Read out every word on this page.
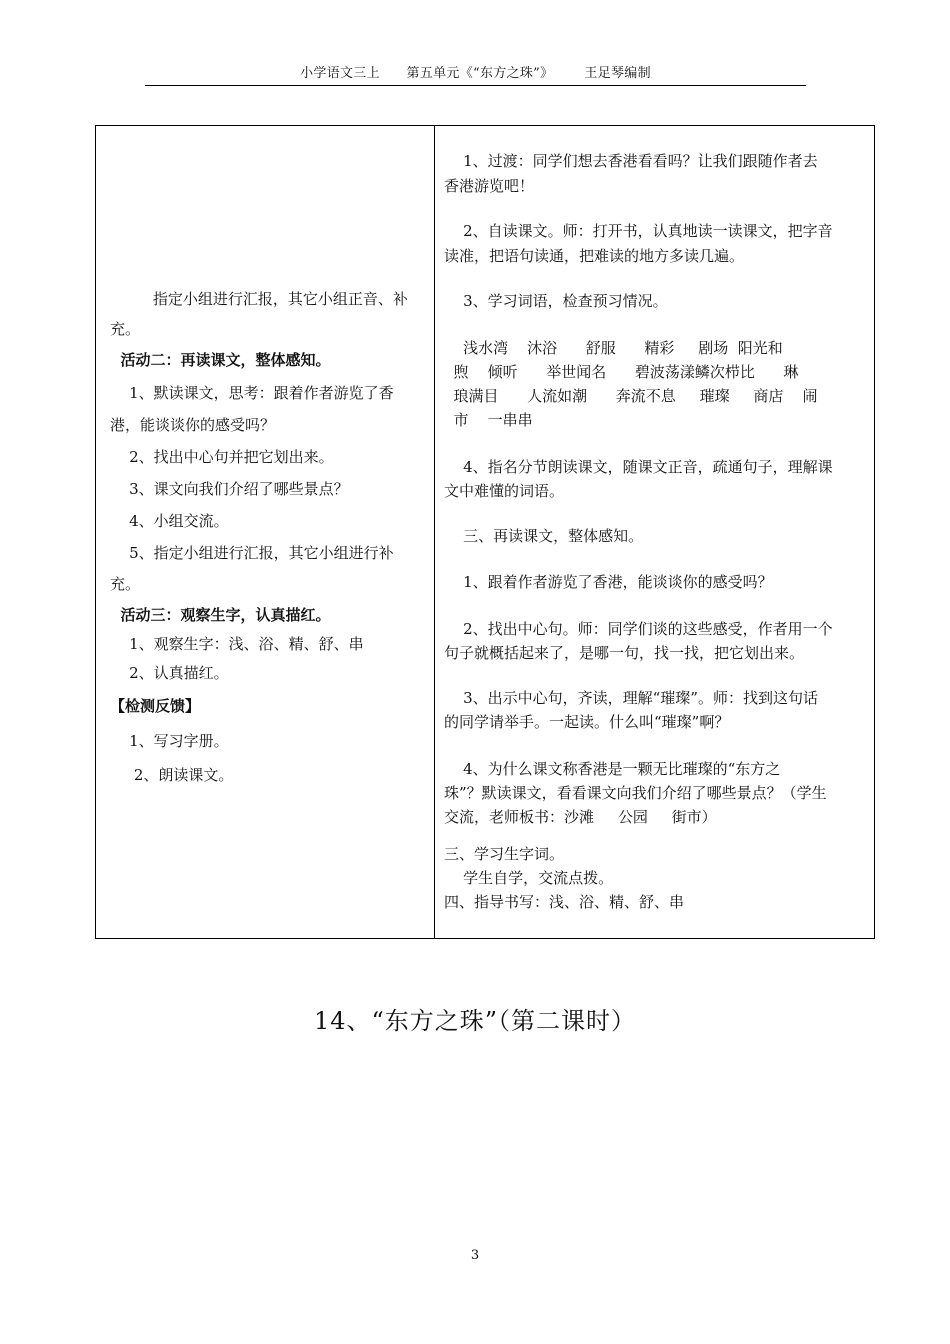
小学语文三上      第五单元《“东方之珠”》       王足琴编制
指定小组进行汇报，其它小组正音、补
充。
活动二：再读课文，整体感知。
1、默读课文，思考：跟着作者游览了香
港，能谈谈你的感受吗？
2、找出中心句并把它划出来。
3、课文向我们介绍了哪些景点？
4、小组交流。
5、指定小组进行汇报，其它小组进行补
充。
活动三：观察生字，认真描红。
1、观察生字：浅、浴、精、舒、串
2、认真描红。
【检测反馈】
1、写习字册。
2、朗读课文。
1、过渡：同学们想去香港看看吗？让我们跟随作者去
香港游览吧！
2、自读课文。师：打开书，认真地读一读课文，把字音
读准，把语句读通，把难读的地方多读几遍。
3、学习词语，检查预习情况。
浅水湾    沐浴      舒服      精彩     剧场  阳光和
煦    倾听      举世闻名      碧波荡漾鳞次栉比      琳
琅满目      人流如潮      奔流不息     璀璨     商店    闹
市    一串串
4、指名分节朗读课文，随课文正音，疏通句子，理解课
文中难懂的词语。
三、再读课文，整体感知。
1、跟着作者游览了香港，能谈谈你的感受吗？
2、找出中心句。师：同学们谈的这些感受，作者用一个
句子就概括起来了，是哪一句，找一找，把它划出来。
3、出示中心句，齐读，理解“璀璨”。师：找到这句话
的同学请举手。一起读。什么叫“璀璨”啊？
4、为什么课文称香港是一颗无比璀璨的“东方之
珠”？默读课文，看看课文向我们介绍了哪些景点？（学生
交流，老师板书：沙滩     公园     街市）
三、学习生字词。
学生自学，交流点拨。
四、指导书写：浅、浴、精、舒、串
14、“东方之珠”（第二课时）
3
